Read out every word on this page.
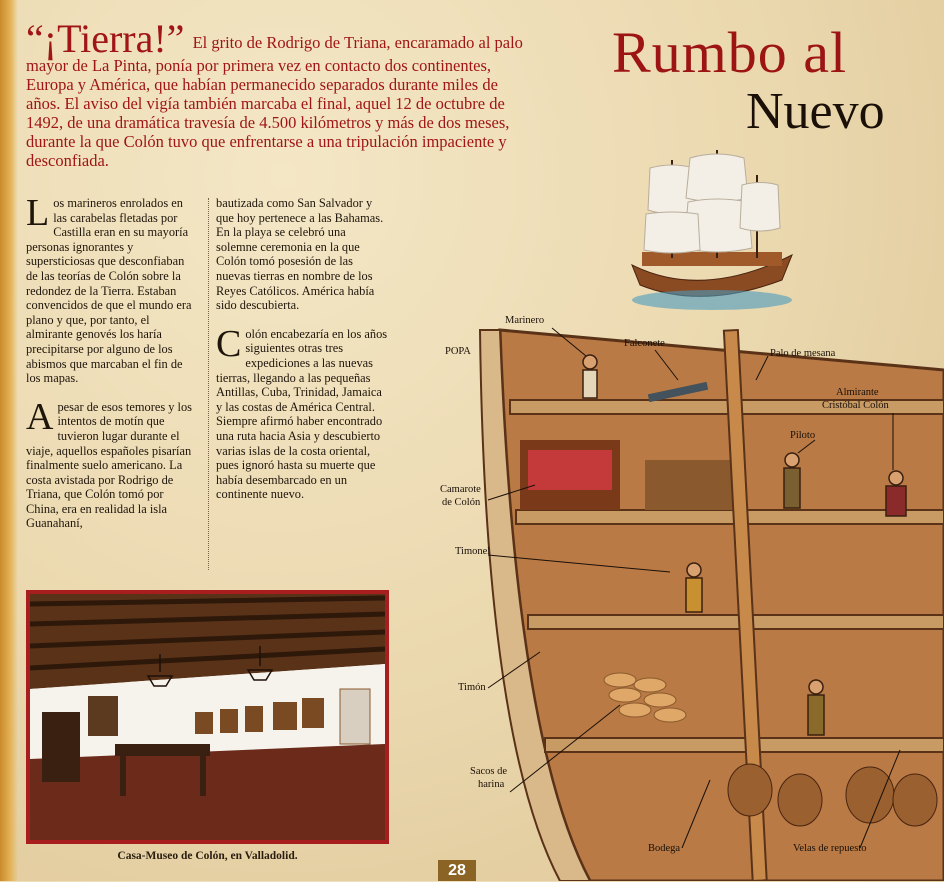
“¡Tierra!” El grito de Rodrigo de Triana, encaramado al palo mayor de La Pinta, ponía por primera vez en contacto dos continentes, Europa y América, que habían permanecido separados durante miles de años. El aviso del vigía también marcaba el final, aquel 12 de octubre de 1492, de una dramática travesía de 4.500 kilómetros y más de dos meses, durante la que Colón tuvo que enfrentarse a una tripulación impaciente y desconfiada.

L os marineros enrolados en las carabelas fletadas por Castilla eran en su mayoría personas ignorantes y supersticiosas que desconfiaban de las teorías de Colón sobre la redondez de la Tierra. Estaban convencidos de que el mundo era plano y que, por tanto, el almirante genovés los haría precipitarse por alguno de los abismos que marcaban el fin de los mapas.

A pesar de esos temores y los intentos de motín que tuvieron lugar durante el viaje, aquellos españoles pisarían finalmente suelo americano. La costa avistada por Rodrigo de Triana, que Colón tomó por China, era en realidad la isla Guanahaní,

bautizada como San Salvador y que hoy pertenece a las Bahamas. En la playa se celebró una solemne ceremonia en la que Colón tomó posesión de las nuevas tierras en nombre de los Reyes Católicos. América había sido descubierta.

C olón encabezaría en los años siguientes otras tres expediciones a las nuevas tierras, llegando a las pequeñas Antillas, Cuba, Trinidad, Jamaica y las costas de América Central. Siempre afirmó haber encontrado una ruta hacia Asia y descubierto varias islas de la costa oriental, pues ignoró hasta su muerte que había desembarcado en un continente nuevo.

Casa-Museo de Colón, en Valladolid.
28
Rumbo al
Nuevo
Marinero
Falconete
Palo de mesana
POPA
Almirante
Cristóbal Colón
Piloto
Camarote
de Colón
Timonel
Timón
Sacos de
harina
Bodega	Velas de repuesto
